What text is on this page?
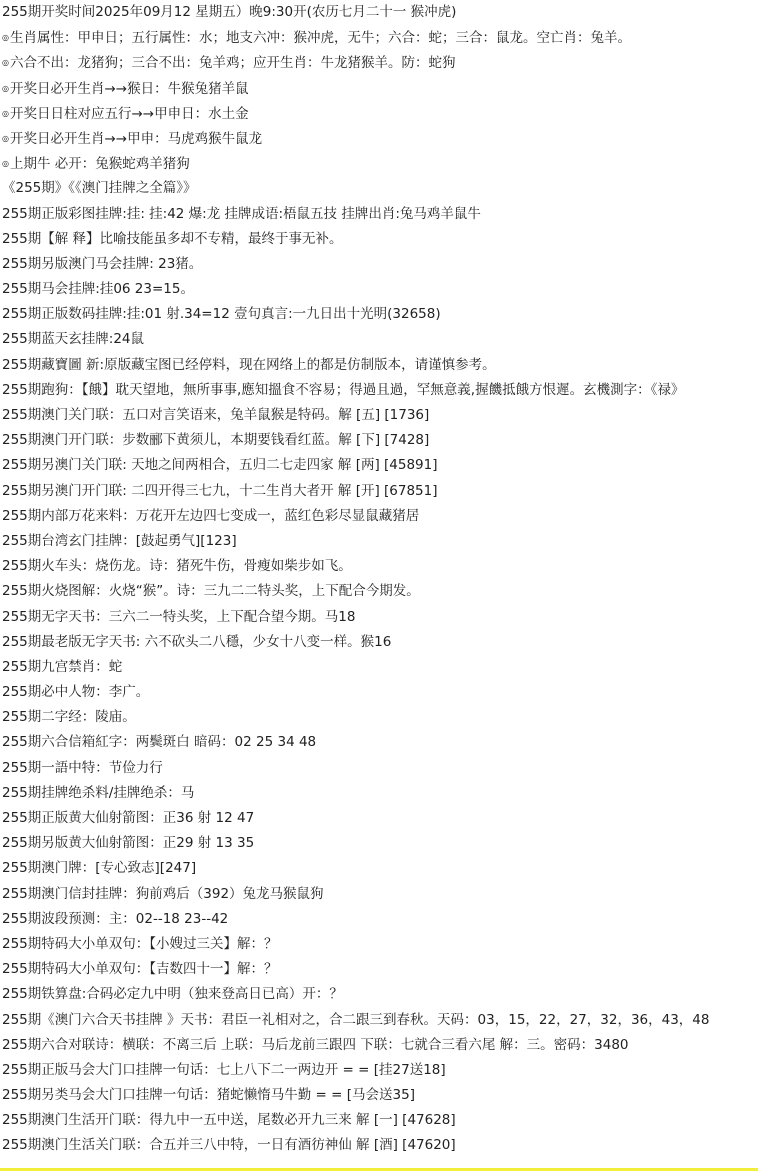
255期开奖时间2025年09月12 星期五）晚9:30开(农历七月二十一 猴冲虎)
◎生肖属性：甲申日；五行属性：水；地支六冲：猴冲虎，无牛；六合：蛇；三合：鼠龙。空亡肖：兔羊。
◎六合不出：龙猪狗；三合不出：兔羊鸡；应开生肖：牛龙猪猴羊。防：蛇狗
◎开奖日必开生肖→→猴日：牛猴兔猪羊鼠
◎开奖日日柱对应五行→→甲申日：水土金
◎开奖日必开生肖→→甲申：马虎鸡猴牛鼠龙
◎上期牛 必开：兔猴蛇鸡羊猪狗
《255期》《《澳门挂牌之全篇》》
255期正版彩图挂牌:挂: 挂:42 爆:龙 挂牌成语:梧鼠五技 挂牌出肖:兔马鸡羊鼠牛
255期【解 释】比喻技能虽多却不专精，最终于事无补。
255期另版澳门马会挂牌: 23猪。
255期马会挂牌:挂06 23=15。
255期正版数码挂牌:挂:01 射.34=12 壹句真言:一九日出十光明(32658)
255期蓝天玄挂牌:24鼠
255期藏寶圖 新:原版藏宝图已经停料，现在网络上的都是仿制版本，请谨慎参考。
255期跑狗：【餓】耽天望地，無所事事,應知搵食不容易；得過且過，罕無意義,握饑抵餓方恨遲。玄機測字：《禄》
255期澳门关门联：五口对言笑语来，兔羊鼠猴是特码。解 [五] [1736]
255期澳门开门联：步数郦下黄须儿，本期要钱看红蓝。解 [下] [7428]
255期另澳门关门联: 天地之间两相合，五归二七走四家 解 [两] [45891]
255期另澳门开门联: 二四开得三七九，十二生肖大者开 解 [开] [67851]
255期内部万花来料：万花开左边四七变成一，蓝红色彩尽显鼠藏猪居
255期台湾玄门挂牌：[鼓起勇气][123]
255期火车头：烧伤龙。诗：猪死牛伤，骨瘦如柴步如飞。
255期火烧图解：火烧“猴”。诗：三九二二特头奖，上下配合今期发。
255期无字天书：三六二一特头奖，上下配合望今期。马18
255期最老版无字天书: 六不砍头二八穩，少女十八变一样。猴16
255期九宫禁肖：蛇
255期必中人物：李广。
255期二字经：陵庙。
255期六合信箱紅字：两鬓斑白 暗码：02 25 34 48
255期一語中特：节俭力行
255期挂牌绝杀料/挂牌绝杀：马
255期正版黄大仙射箭图：正36 射 12 47
255期另版黄大仙射箭图：正29 射 13 35
255期澳门牌：[专心致志][247]
255期澳门信封挂牌：狗前鸡后（392）兔龙马猴鼠狗
255期波段预测：主：02--18 23--42
255期特码大小单双句：【小嫂过三关】解：？
255期特码大小单双句：【吉数四十一】解：？
255期铁算盘:合码必定九中明（独来登高日已高）开：？
255期《澳门六合天书挂牌 》天书：君臣一礼相对之，合二跟三到春秋。天码：03，15，22，27，32，36，43，48
255期六合对联诗：横联：不离三后 上联：马后龙前三跟四 下联：七就合三看六尾 解：三。密码：3480
255期正版马会大门口挂牌一句话：七上八下二一两边开 = = [挂27送18]
255期另类马会大门口挂牌一句话：猪蛇懒惰马牛勤 = = [马会送35]
255期澳门生活开门联：得九中一五中送，尾数必开九三来 解 [一] [47628]
255期澳门生活关门联：合五并三八中特，一日有酒彷神仙 解 [酒] [47620]
